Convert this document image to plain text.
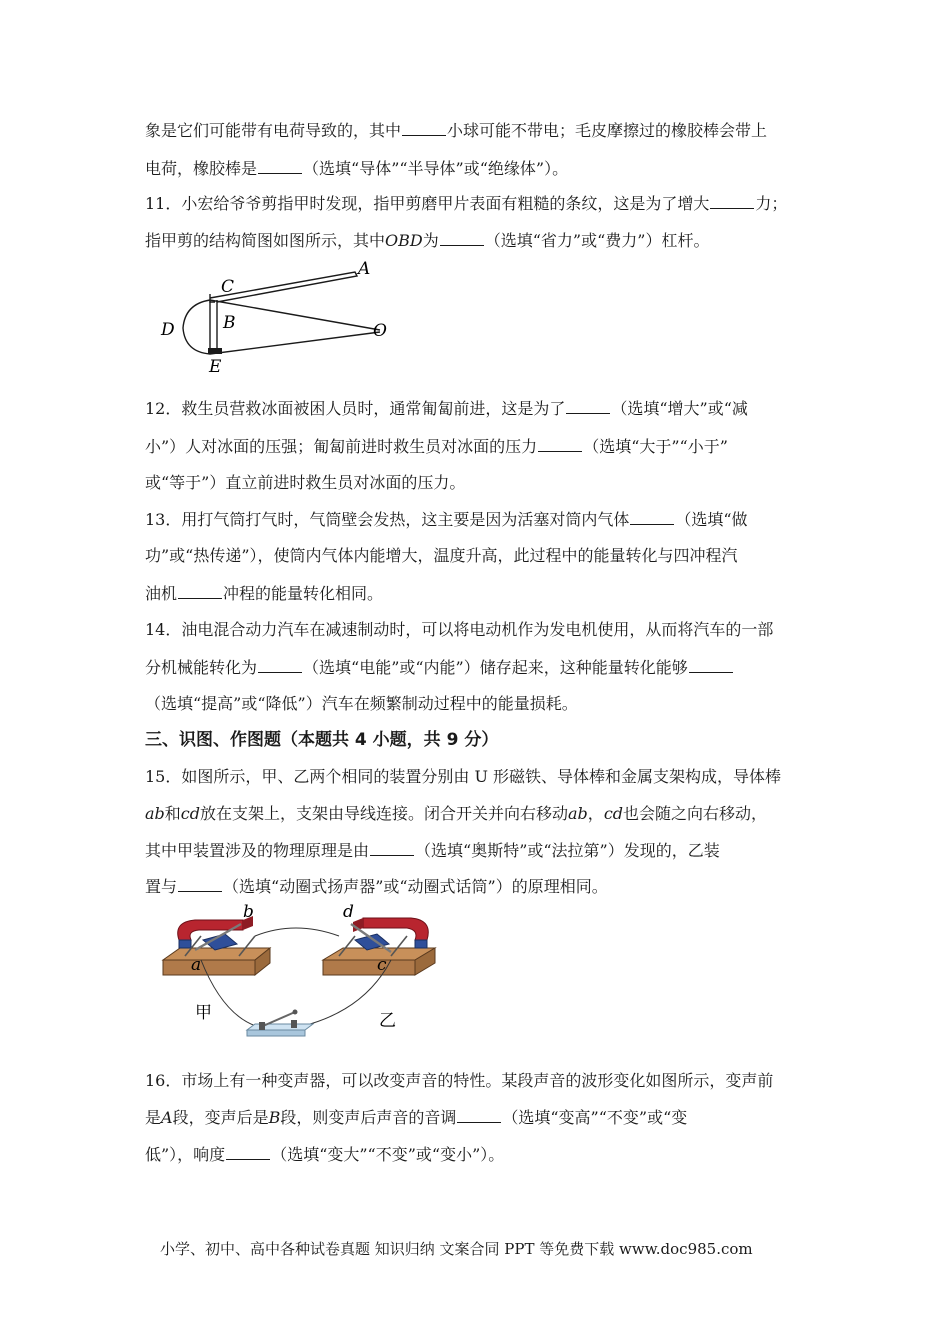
象是它们可能带有电荷导致的，其中	小球可能不带电；毛皮摩擦过的橡胶棒会带上
电荷，橡胶棒是	（选填“导体”“半导体”或“绝缘体”）。
11．小宏给爷爷剪指甲时发现，指甲剪磨甲片表面有粗糙的条纹，这是为了增大	力；
指甲剪的结构简图如图所示，其中OBD为	（选填“省力”或“费力”）杠杆。
C
A
B
D	O
E
12．救生员营救冰面被困人员时，通常匍匐前进，这是为了	（选填“增大”或“减
小”）人对冰面的压强；匍匐前进时救生员对冰面的压力	（选填“大于”“小于”
或“等于”）直立前进时救生员对冰面的压力。
13．用打气筒打气时，气筒壁会发热，这主要是因为活塞对筒内气体	（选填“做
功”或“热传递”），使筒内气体内能增大，温度升高，此过程中的能量转化与四冲程汽
油机	冲程的能量转化相同。
14．油电混合动力汽车在减速制动时，可以将电动机作为发电机使用，从而将汽车的一部
分机械能转化为	（选填“电能”或“内能”）储存起来，这种能量转化能够
（选填“提高”或“降低”）汽车在频繁制动过程中的能量损耗。
三、识图、作图题（本题共 4 小题，共 9 分）
15．如图所示，甲、乙两个相同的装置分别由 U 形磁铁、导体棒和金属支架构成，导体棒
ab和cd放在支架上，支架由导线连接。闭合开关并向右移动ab，cd也会随之向右移动，
其中甲装置涉及的物理原理是由	（选填“奥斯特”或“法拉第”）发现的，乙装
置与	（选填“动圈式扬声器”或“动圈式话筒”）的原理相同。
b
a
d
c
甲	乙
16．市场上有一种变声器，可以改变声音的特性。某段声音的波形变化如图所示，变声前
是A段，变声后是B段，则变声后声音的音调	（选填“变高”“不变”或“变
低”），响度	（选填“变大”“不变”或“变小”）。
小学、初中、高中各种试卷真题 知识归纳 文案合同 PPT 等免费下载 www.doc985.com
